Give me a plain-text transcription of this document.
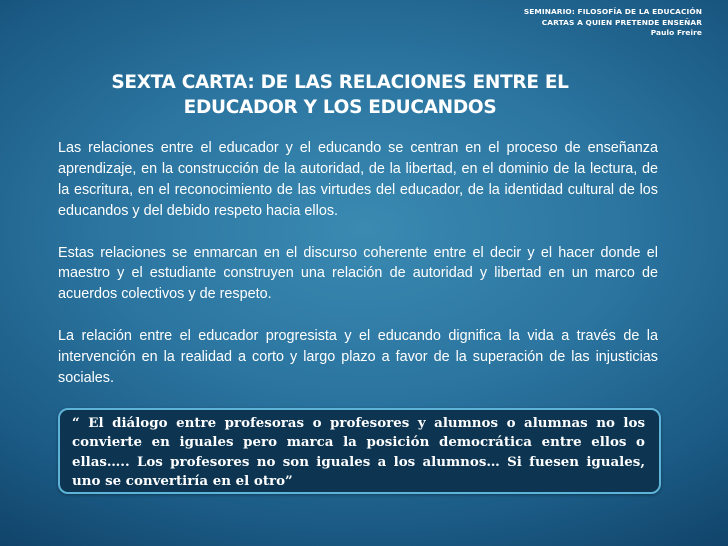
SEMINARIO: FILOSOFÍA DE LA EDUCACIÓN
CARTAS A QUIEN PRETENDE ENSEÑAR
Paulo Freire
SEXTA CARTA: DE LAS RELACIONES ENTRE EL
EDUCADOR Y LOS EDUCANDOS

Las relaciones entre el educador y el educando se centran en el proceso de enseñanza aprendizaje, en la construcción de la autoridad, de la libertad, en el dominio de la lectura, de la escritura, en el reconocimiento de las virtudes del educador, de la identidad cultural de los educandos y del debido respeto hacia ellos.

Estas relaciones se enmarcan en el discurso coherente entre el decir y el hacer donde el maestro y el estudiante construyen una relación de autoridad y libertad en un marco de acuerdos colectivos y de respeto.

La relación entre el educador progresista y el educando dignifica la vida a través de la intervención en la realidad a corto y largo plazo a favor de la superación de las injusticias sociales.

“ El diálogo entre profesoras o profesores y alumnos o alumnas no los convierte en iguales pero marca la posición democrática entre ellos o ellas….. Los profesores no son iguales a los alumnos… Si fuesen iguales, uno se convertiría en el otro”
